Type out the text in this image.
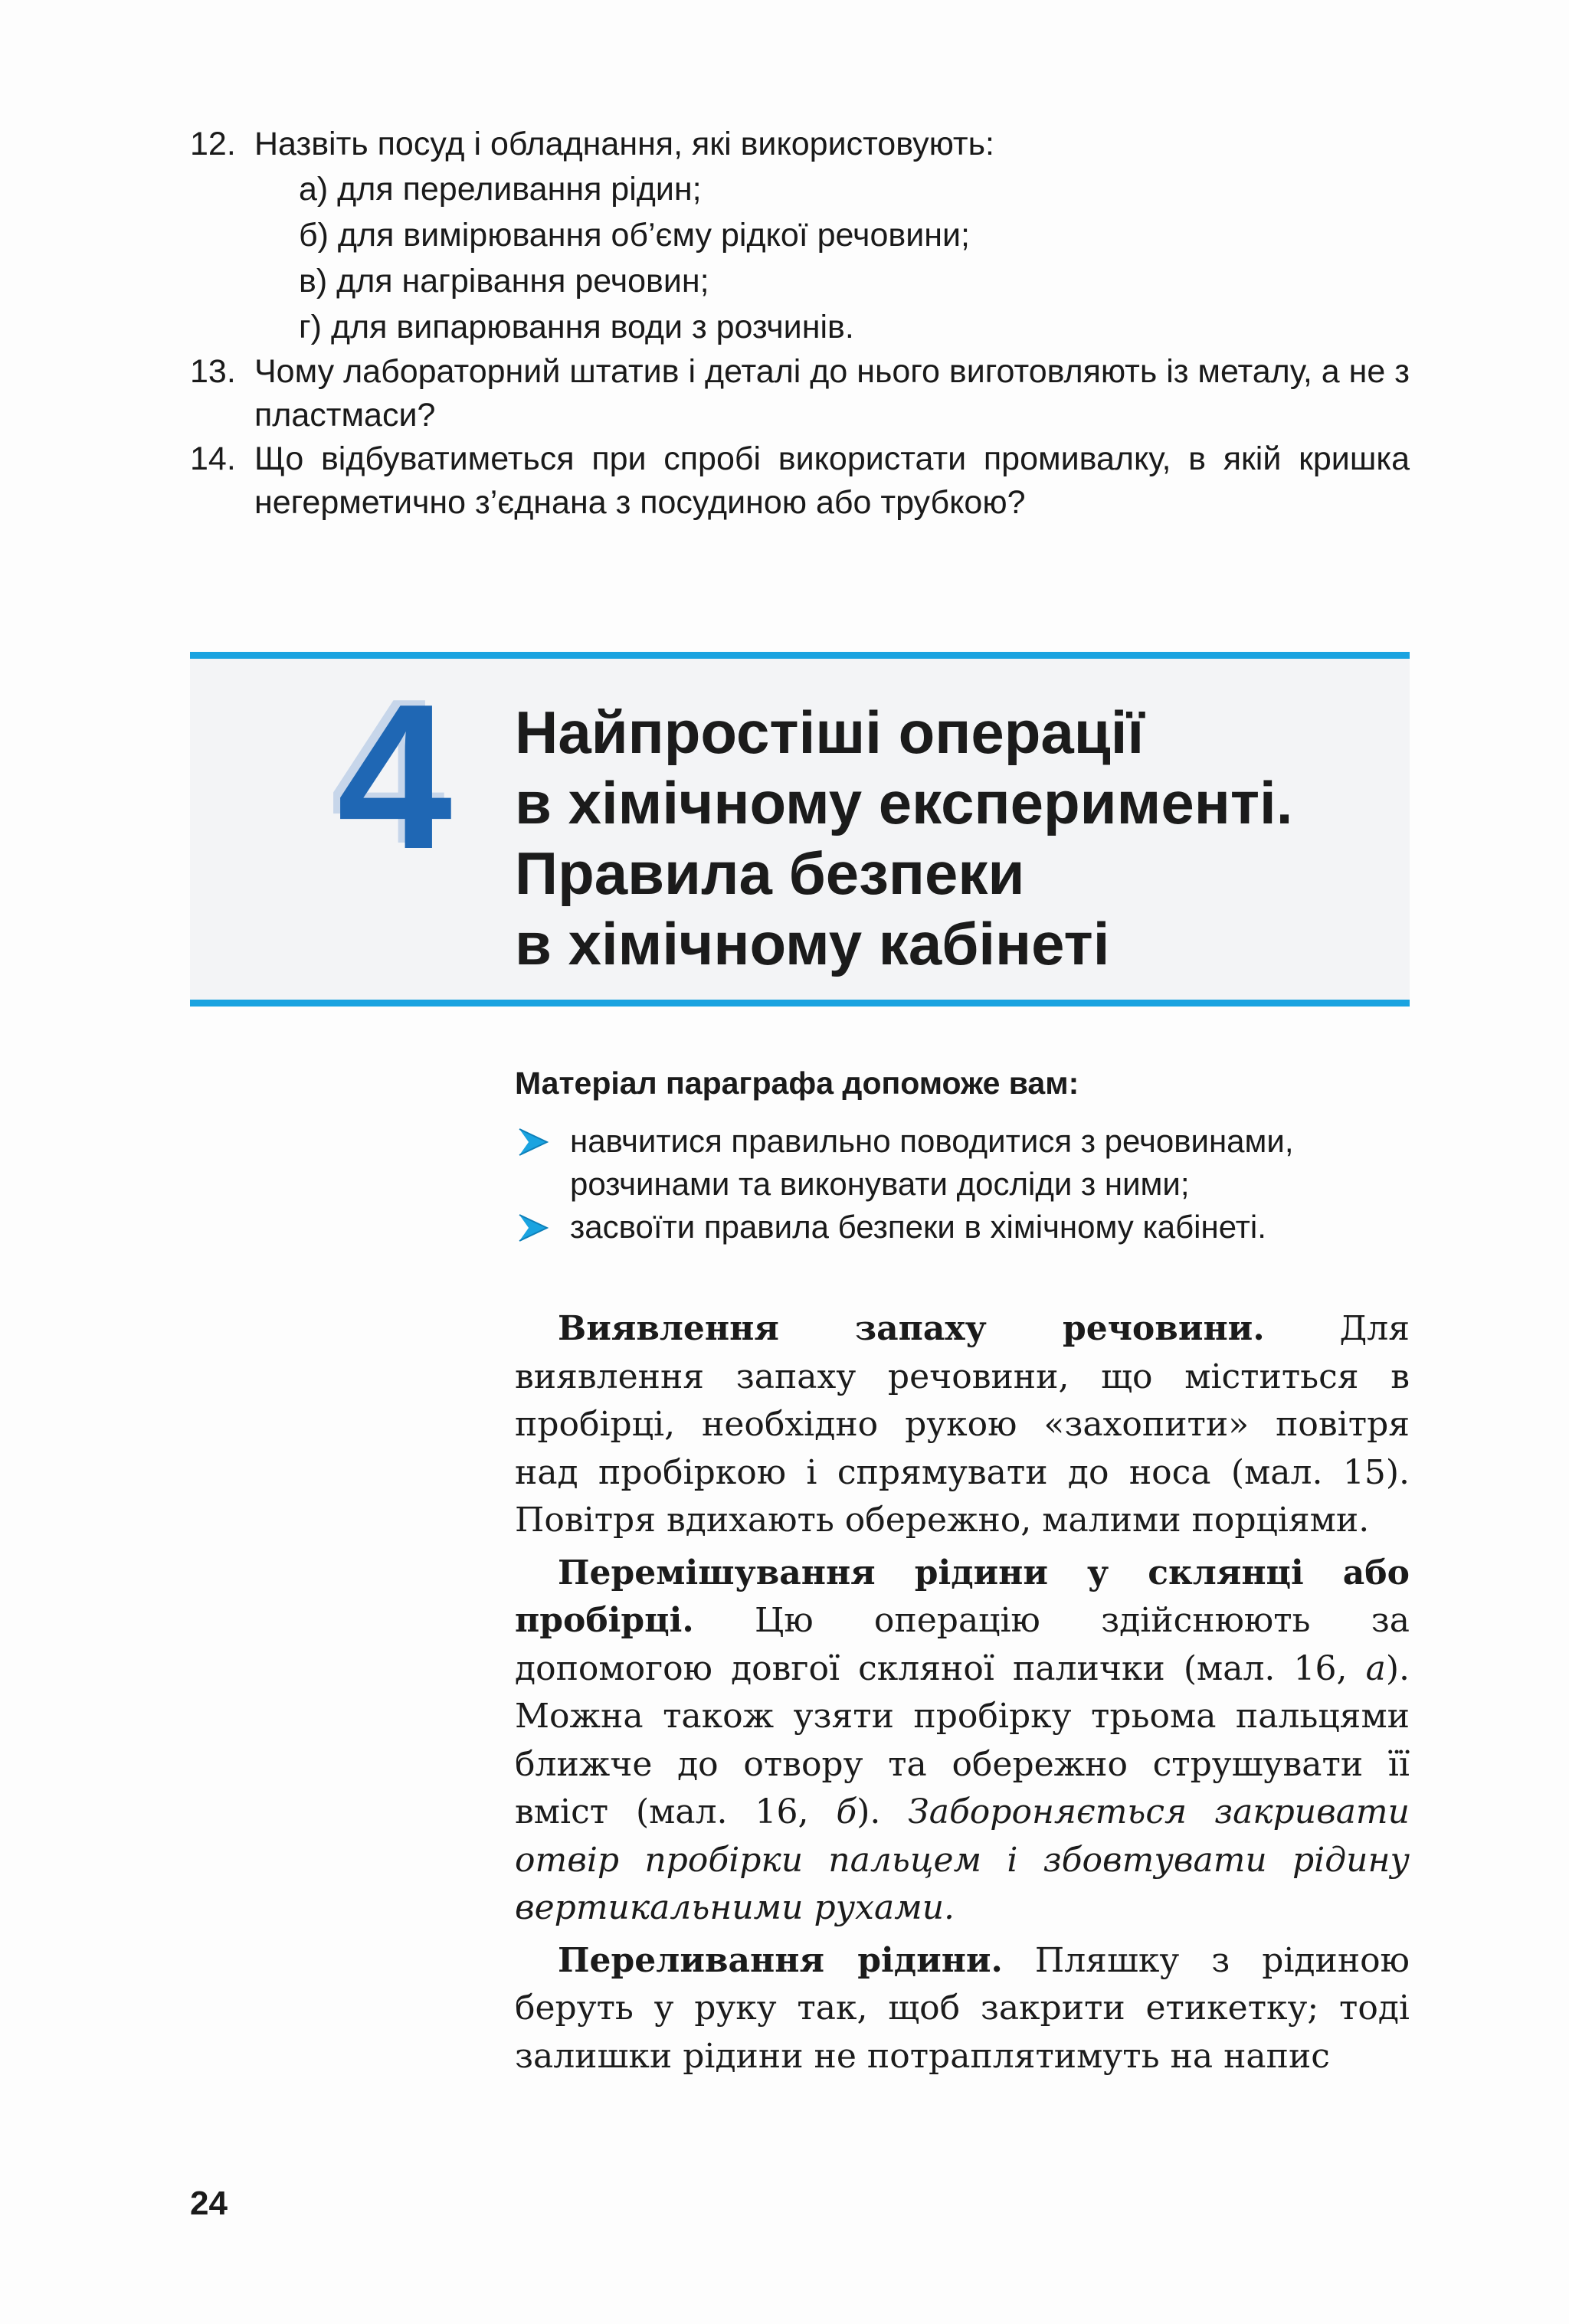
12. Назвіть посуд і обладнання, які використовують:
а) для переливання рідин;
б) для вимірювання об’єму рідкої речовини;
в) для нагрівання речовин;
г) для випарювання води з розчинів.
13. Чому лабораторний штатив і деталі до нього виготовляють із металу, а не з пластмаси?
14. Що відбуватиметься при спробі використати промивалку, в якій кришка негерметично з’єднана з посудиною або трубкою?
4 Найпростіші операції
в хімічному експерименті.
Правила безпеки
в хімічному кабінеті
Матеріал параграфа допоможе вам:
навчитися правильно поводитися з речовинами, розчинами та виконувати досліди з ними;
засвоїти правила безпеки в хімічному кабінеті.

Виявлення запаху речовини. Для виявлення запаху речовини, що міститься в пробірці, необхідно рукою «захопити» повітря над пробіркою і спрямувати до носа (мал. 15). Повітря вдихають обережно, малими порціями.

Перемішування рідини у склянці або пробірці. Цю операцію здійснюють за допомогою довгої скляної палички (мал. 16, а). Можна також узяти пробірку трьома пальцями ближче до отвору та обережно струшувати її вміст (мал. 16, б). Забороняється закривати отвір пробірки пальцем і збовтувати рідину вертикальними рухами.

Переливання рідини. Пляшку з рідиною беруть у руку так, щоб закрити етикетку; тоді залишки рідини не потраплятимуть на напис

24
